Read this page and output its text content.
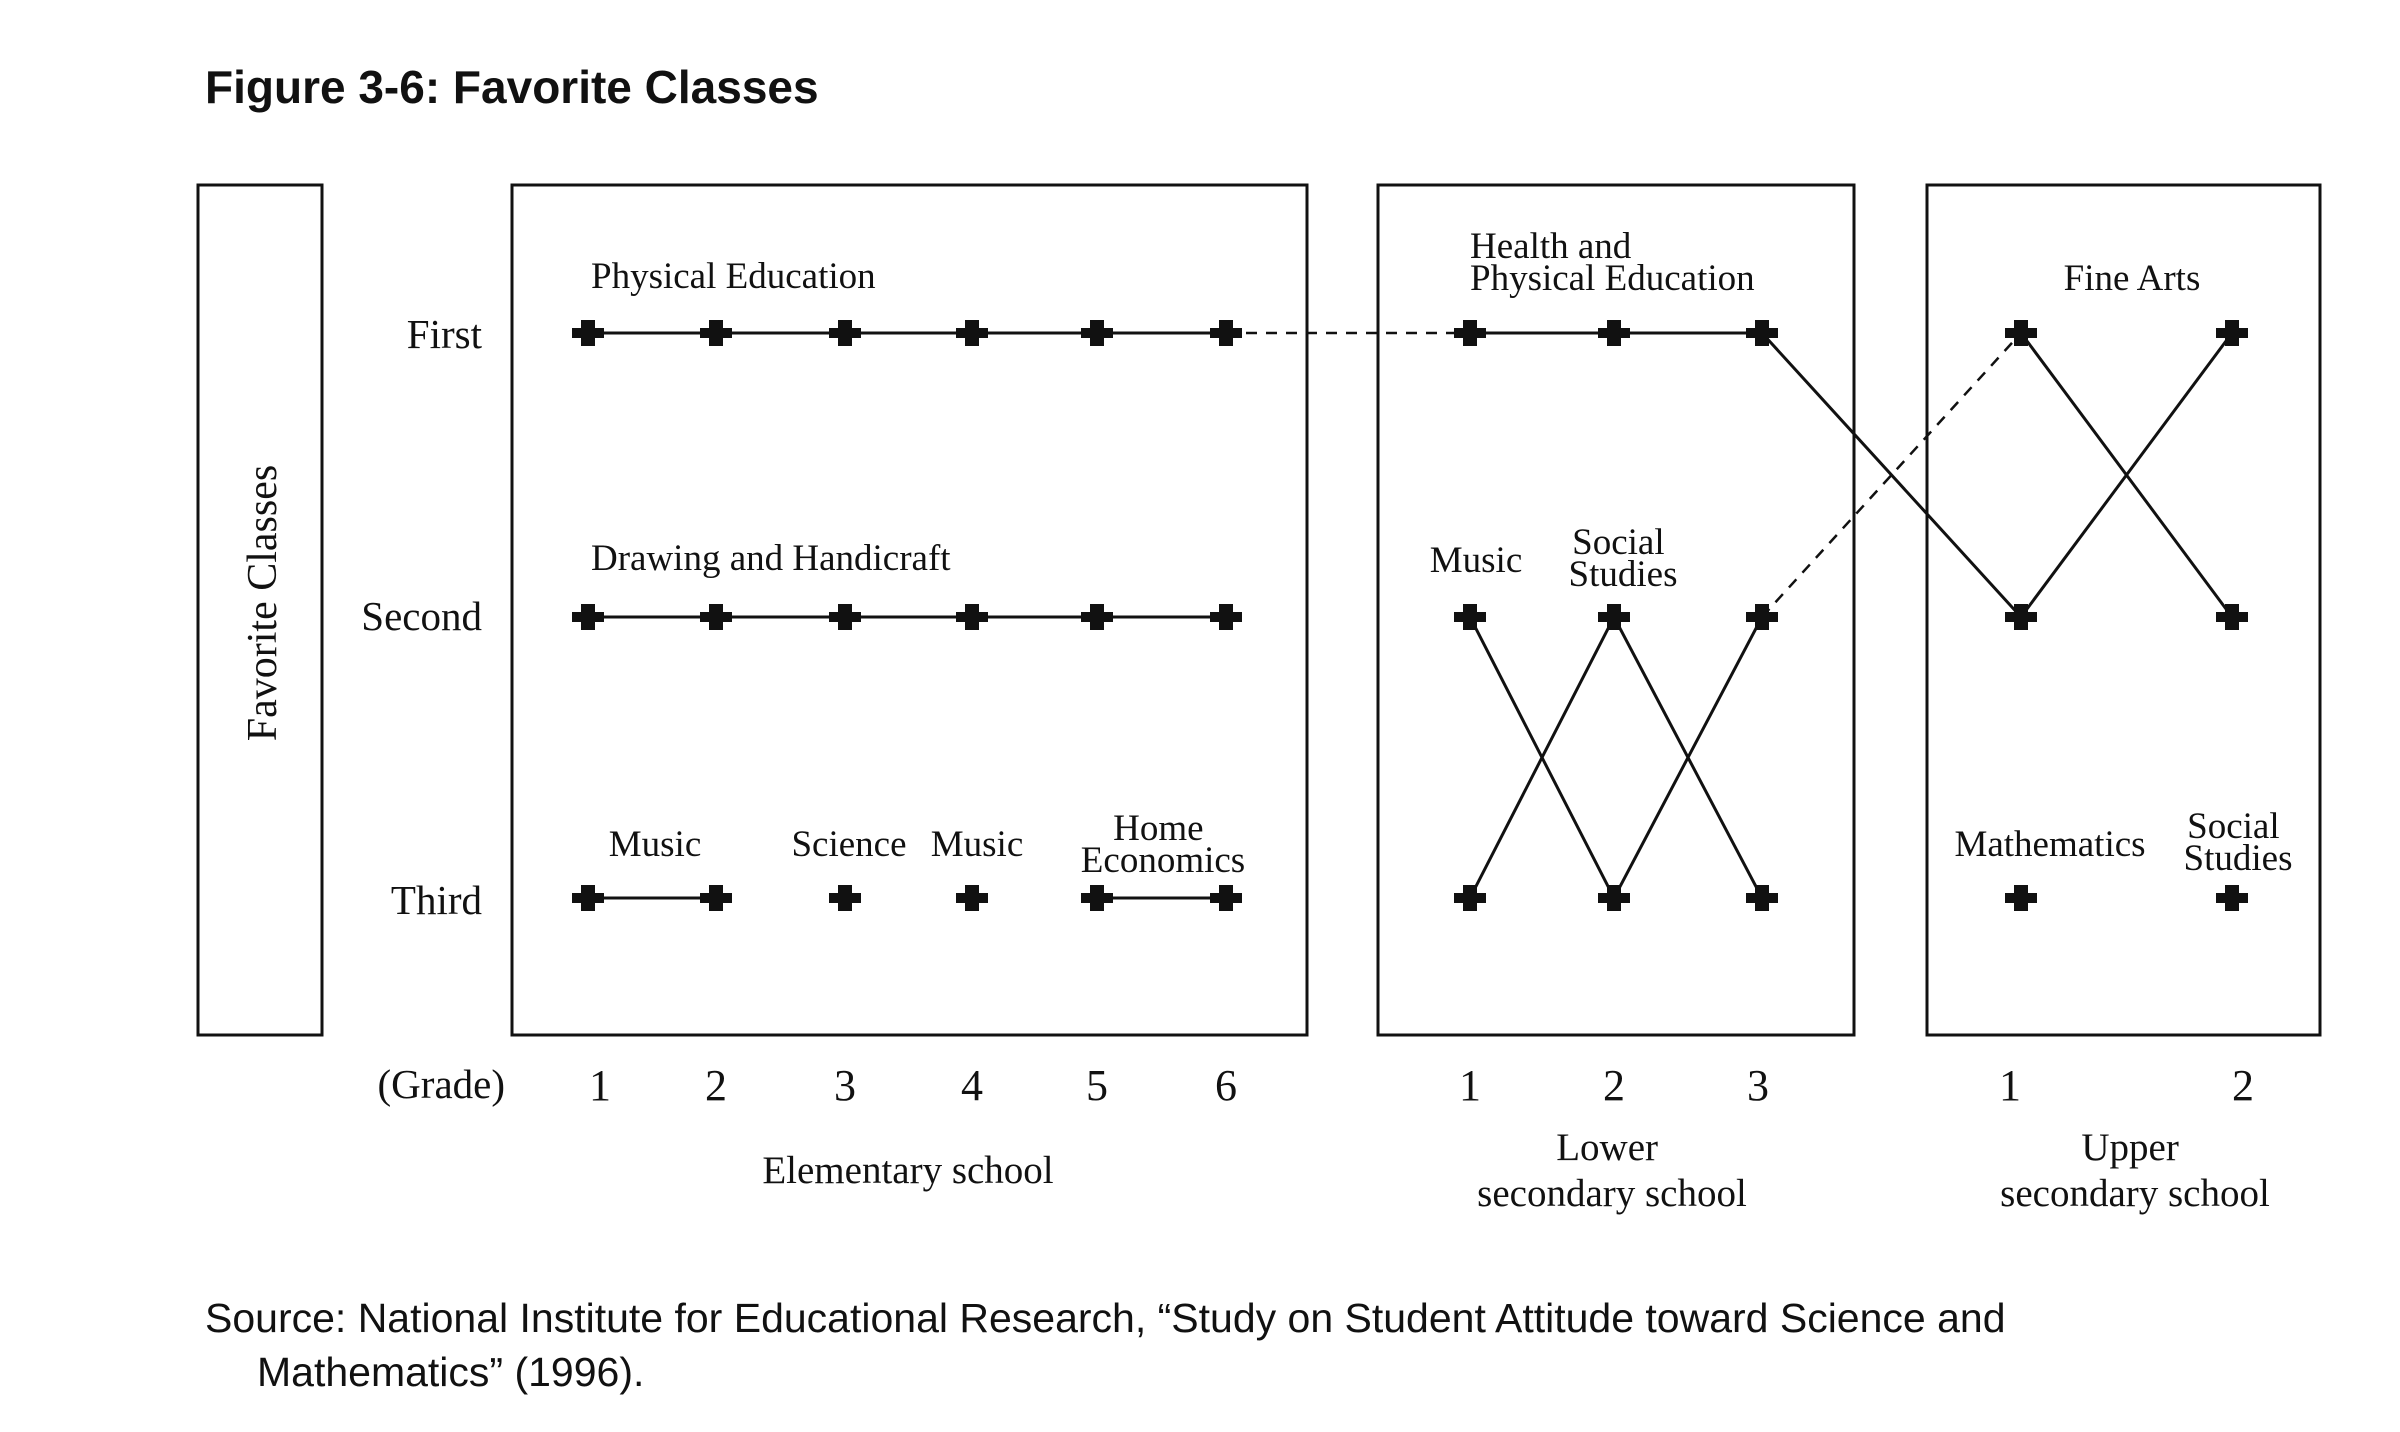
Figure 3-6: Favorite Classes
Favorite Classes
First
Second
Third
Physical Education
Drawing and Handicraft
Music Science Music	Home Economics
Health and Physical Education
Music Social Studies
Fine Arts
Mathematics Social Studies
(Grade) 1 2 3 4 5 6	1	2	3	1	2
Elementary school
Lower secondary school
Upper secondary school
Source: National Institute for Educational Research, “Study on Student Attitude toward Science and
Mathematics” (1996).
